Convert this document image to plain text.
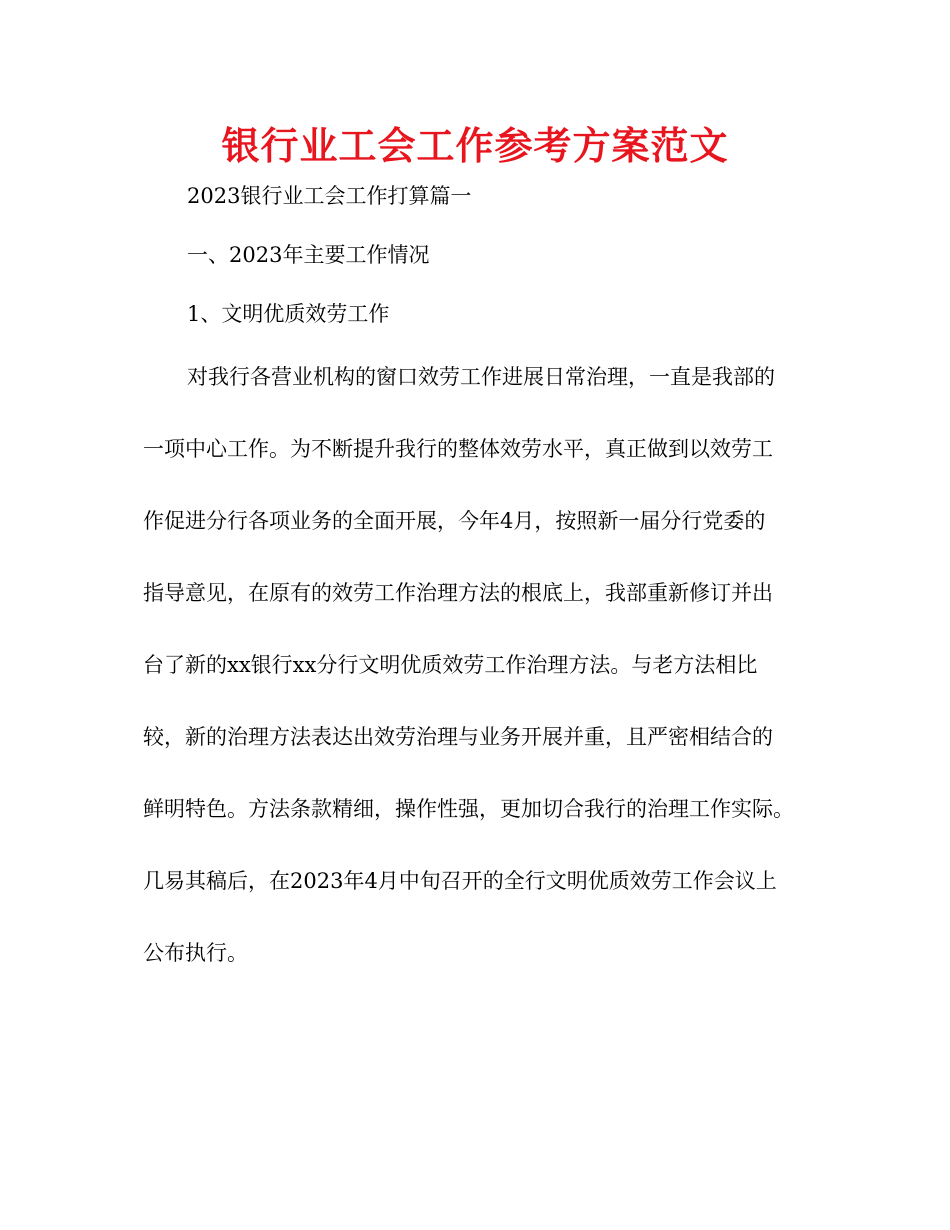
银行业工会工作参考方案范文

2023银行业工会工作打算篇一

一、2023年主要工作情况

1、文明优质效劳工作

对我行各营业机构的窗口效劳工作进展日常治理，一直是我部的

一项中心工作。为不断提升我行的整体效劳水平，真正做到以效劳工

作促进分行各项业务的全面开展，今年4月，按照新一届分行党委的

指导意见，在原有的效劳工作治理方法的根底上，我部重新修订并出

台了新的xx银行xx分行文明优质效劳工作治理方法。与老方法相比

较，新的治理方法表达出效劳治理与业务开展并重，且严密相结合的

鲜明特色。方法条款精细，操作性强，更加切合我行的治理工作实际。

几易其稿后，在2023年4月中旬召开的全行文明优质效劳工作会议上

公布执行。
